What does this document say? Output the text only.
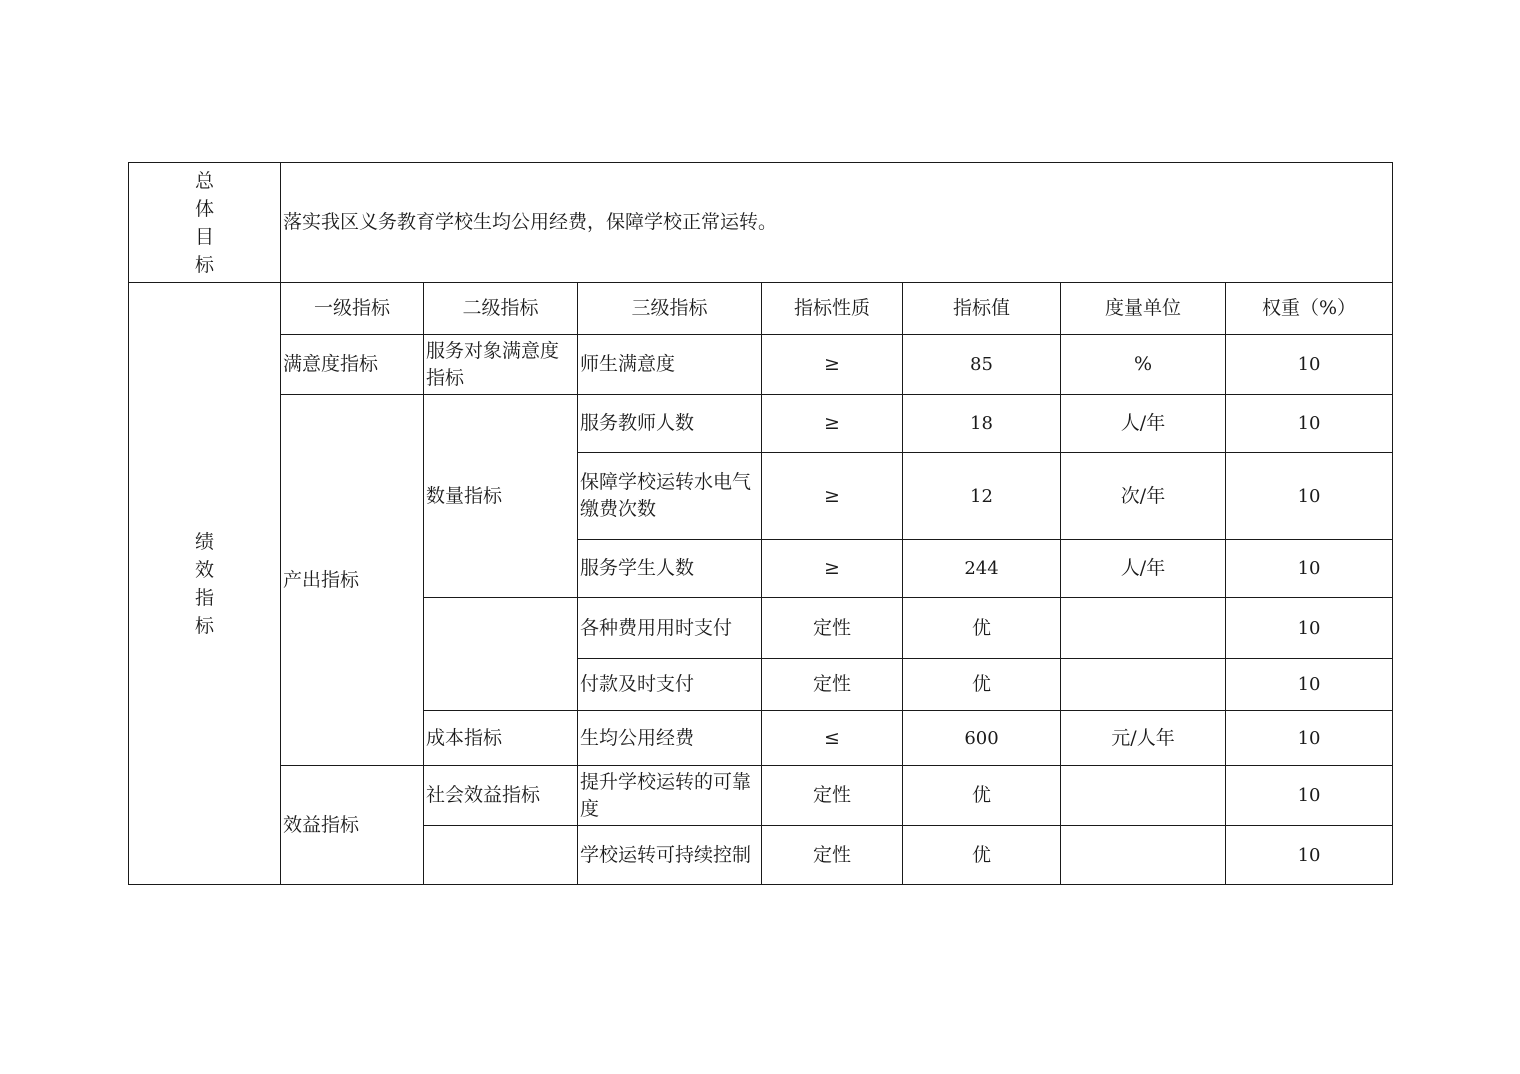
总
体
目
标	落实我区义务教育学校生均公用经费，保障学校正常运转。						

绩
效
指
标	一级指标	二级指标	三级指标	指标性质	指标值	度量单位	权重（%）
	满意度指标	服务对象满意度指标	师生满意度	≥	85	%	10
	产出指标	数量指标	服务教师人数	≥	18	人/年	10
			保障学校运转水电气缴费次数	≥	12	次/年	10
			服务学生人数	≥	244	人/年	10
			各种费用用时支付	定性	优		10
			付款及时支付	定性	优		10
		成本指标	生均公用经费	≤	600	元/人年	10
	效益指标	社会效益指标	提升学校运转的可靠度	定性	优		10
			学校运转可持续控制	定性	优		10
